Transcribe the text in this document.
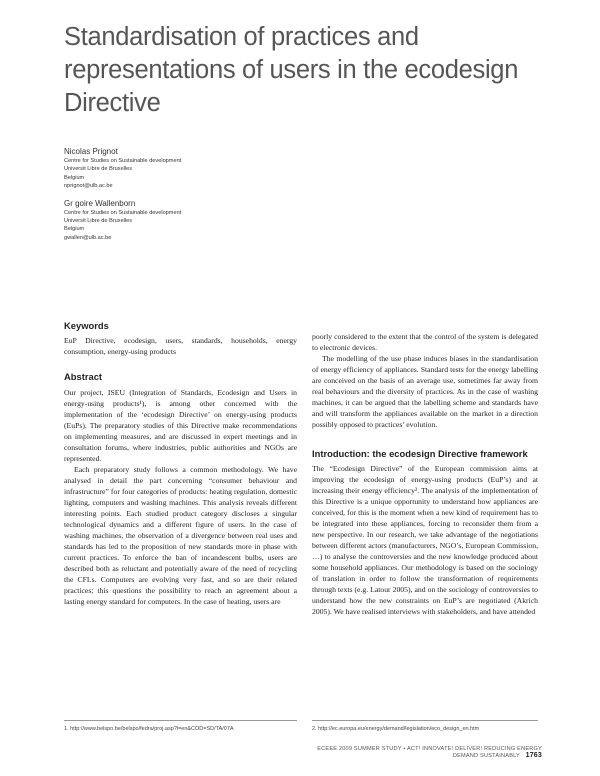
Standardisation of practices and representations of users in the ecodesign Directive
Nicolas Prignot
Centre for Studies on Sustainable development
Universit Libre de Bruxelles
Belgium
nprignot@ulb.ac.be
Gr goire Wallenborn
Centre for Studies on Sustainable development
Universit Libre de Bruxelles
Belgium
gwallen@ulb.ac.be
Keywords

EuP Directive, ecodesign, users, standards, households, energy consumption, energy-using products

Abstract

Our project, ISEU (Integration of Standards, Ecodesign and Users in energy-using products¹), is among other concerned with the implementation of the ‘ecodesign Directive’ on energy-using products (EuPs). The preparatory studies of this Directive make recommendations on implementing measures, and are discussed in expert meetings and in consultation forums, where industries, public authorities and NGOs are represented.

Each preparatory study follows a common methodology. We have analysed in detail the part concerning “consumer behaviour and infrastructure” for four categories of products: heating regulation, domestic lighting, computers and washing machines. This analysis reveals different interesting points. Each studied product category discloses a singular technological dynamics and a different figure of users. In the case of washing machines, the observation of a divergence between real uses and standards has led to the proposition of new standards more in phase with current practices. To enforce the ban of incandescent bulbs, users are described both as reluctant and potentially aware of the need of recycling the CFLs. Computers are evolving very fast, and so are their related practices; this questions the possibility to reach an agreement about a lasting energy standard for computers. In the case of heating, users are

poorly considered to the extent that the control of the system is delegated to electronic devices.

The modelling of the use phase induces biases in the standardisation of energy efficiency of appliances. Standard tests for the energy labelling are conceived on the basis of an average use, sometimes far away from real behaviours and the diversity of practices. As in the case of washing machines, it can be argued that the labelling scheme and standards have and will transform the appliances available on the market in a direction possibly opposed to practices’ evolution.

Introduction: the ecodesign Directive framework

The “Ecodesign Directive” of the European commission aims at improving the ecodesign of energy-using products (EuP’s) and at increasing their energy efficiency². The analysis of the implementation of this Directive is a unique opportunity to understand how appliances are conceived, for this is the moment when a new kind of requirement has to be integrated into these appliances, forcing to reconsider them from a new perspective. In our research, we take advantage of the negotiations between different actors (manufacturers, NGO’s, European Commission, …) to analyse the controversies and the new knowledge produced about some household appliances. Our methodology is based on the sociology of translation in order to follow the transformation of requirements through texts (e.g. Latour 2005), and on the sociology of controversies to understand how the new constraints on EuP’s are negotiated (Akrich 2005). We have realised interviews with stakeholders, and have attended

1. http://www.belspo.be/belspo/fedra/proj.asp?l=en&COD=SD/TA/07A	2. http://ec.europa.eu/energy/demand/legislation/eco_design_en.htm
ECEEE 2009 SUMMER STUDY • ACT! INNOVATE! DELIVER! REDUCING ENERGY DEMAND SUSTAINABLY 1763
